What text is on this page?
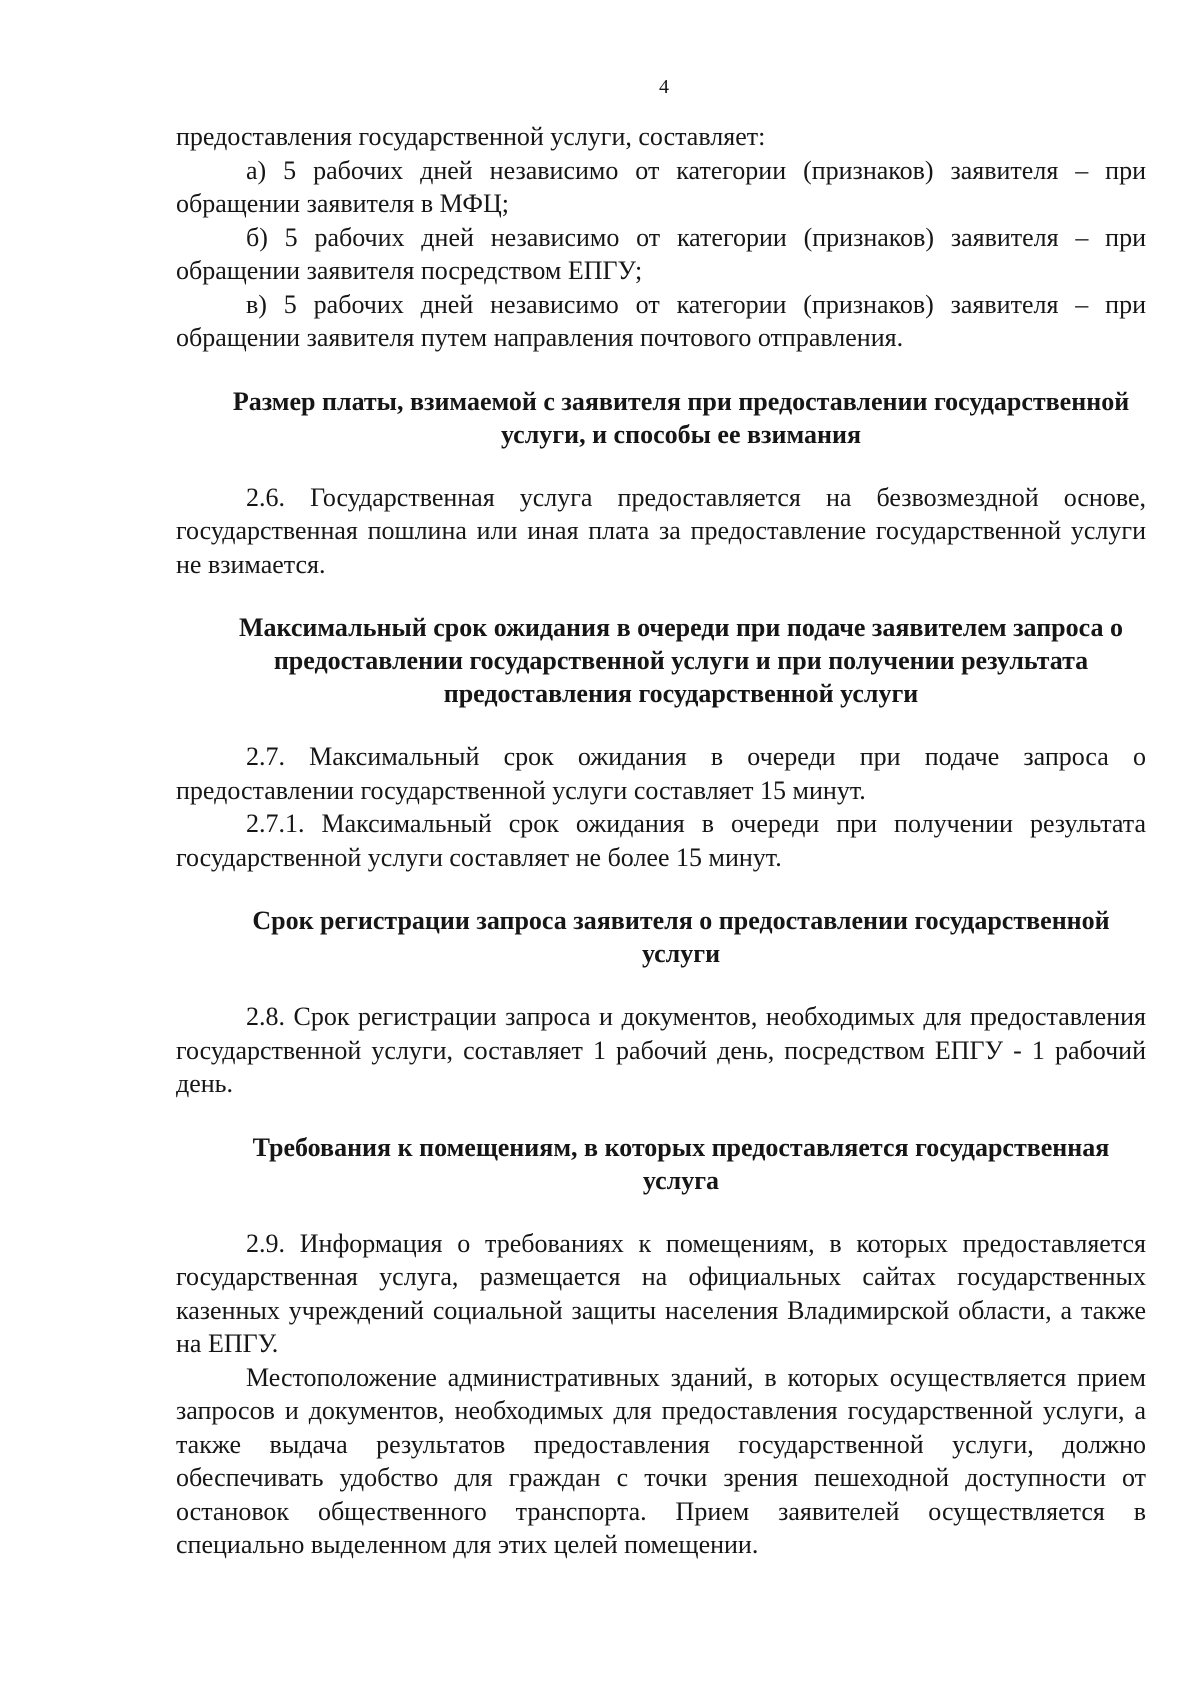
4

предоставления государственной услуги, составляет:

а) 5 рабочих дней независимо от категории (признаков) заявителя – при обращении заявителя в МФЦ;

б) 5 рабочих дней независимо от категории (признаков) заявителя – при обращении заявителя посредством ЕПГУ;

в) 5 рабочих дней независимо от категории (признаков) заявителя – при обращении заявителя путем направления почтового отправления.

Размер платы, взимаемой с заявителя при предоставлении государственной услуги, и способы ее взимания

2.6. Государственная услуга предоставляется на безвозмездной основе, государственная пошлина или иная плата за предоставление государственной услуги не взимается.

Максимальный срок ожидания в очереди при подаче заявителем запроса о предоставлении государственной услуги и при получении результата предоставления государственной услуги

2.7. Максимальный срок ожидания в очереди при подаче запроса о предоставлении государственной услуги составляет 15 минут.

2.7.1. Максимальный срок ожидания в очереди при получении результата государственной услуги составляет не более 15 минут.

Срок регистрации запроса заявителя о предоставлении государственной услуги

2.8. Срок регистрации запроса и документов, необходимых для предоставления государственной услуги, составляет 1 рабочий день, посредством ЕПГУ - 1 рабочий день.

Требования к помещениям, в которых предоставляется государственная услуга

2.9. Информация о требованиях к помещениям, в которых предоставляется государственная услуга, размещается на официальных сайтах государственных казенных учреждений социальной защиты населения Владимирской области, а также на ЕПГУ.

Местоположение административных зданий, в которых осуществляется прием запросов и документов, необходимых для предоставления государственной услуги, а также выдача результатов предоставления государственной услуги, должно обеспечивать удобство для граждан с точки зрения пешеходной доступности от остановок общественного транспорта. Прием заявителей осуществляется в специально выделенном для этих целей помещении.
